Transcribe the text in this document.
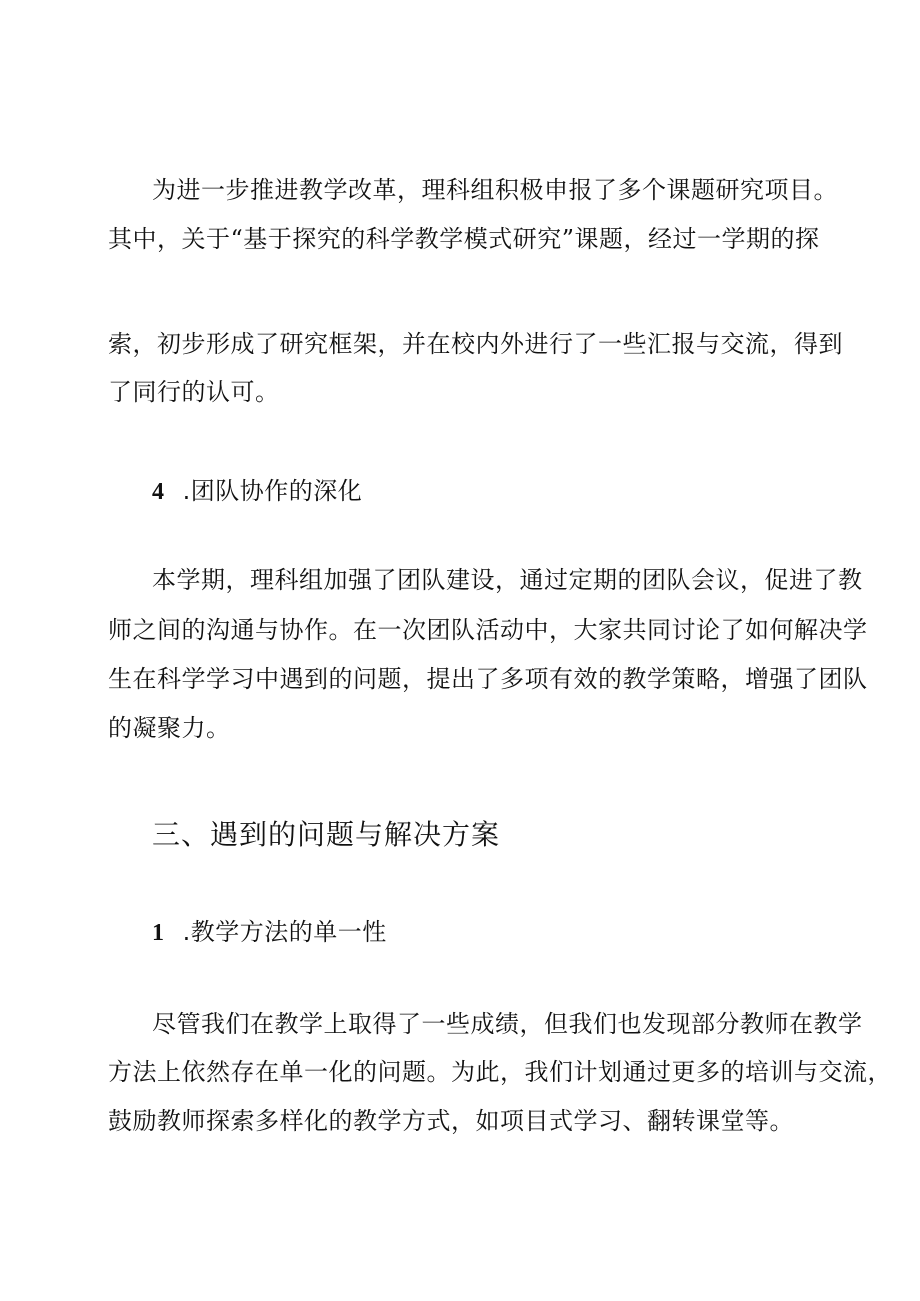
为进一步推进教学改革，理科组积极申报了多个课题研究项目。
其中，关于“基于探究的科学教学模式研究”课题，经过一学期的探
索，初步形成了研究框架，并在校内外进行了一些汇报与交流，得到
了同行的认可。
4 .团队协作的深化
本学期，理科组加强了团队建设，通过定期的团队会议，促进了教
师之间的沟通与协作。在一次团队活动中，大家共同讨论了如何解决学
生在科学学习中遇到的问题，提出了多项有效的教学策略，增强了团队
的凝聚力。
三、遇到的问题与解决方案
1 .教学方法的单一性
尽管我们在教学上取得了一些成绩，但我们也发现部分教师在教学
方法上依然存在单一化的问题。为此，我们计划通过更多的培训与交流，
鼓励教师探索多样化的教学方式，如项目式学习、翻转课堂等。
